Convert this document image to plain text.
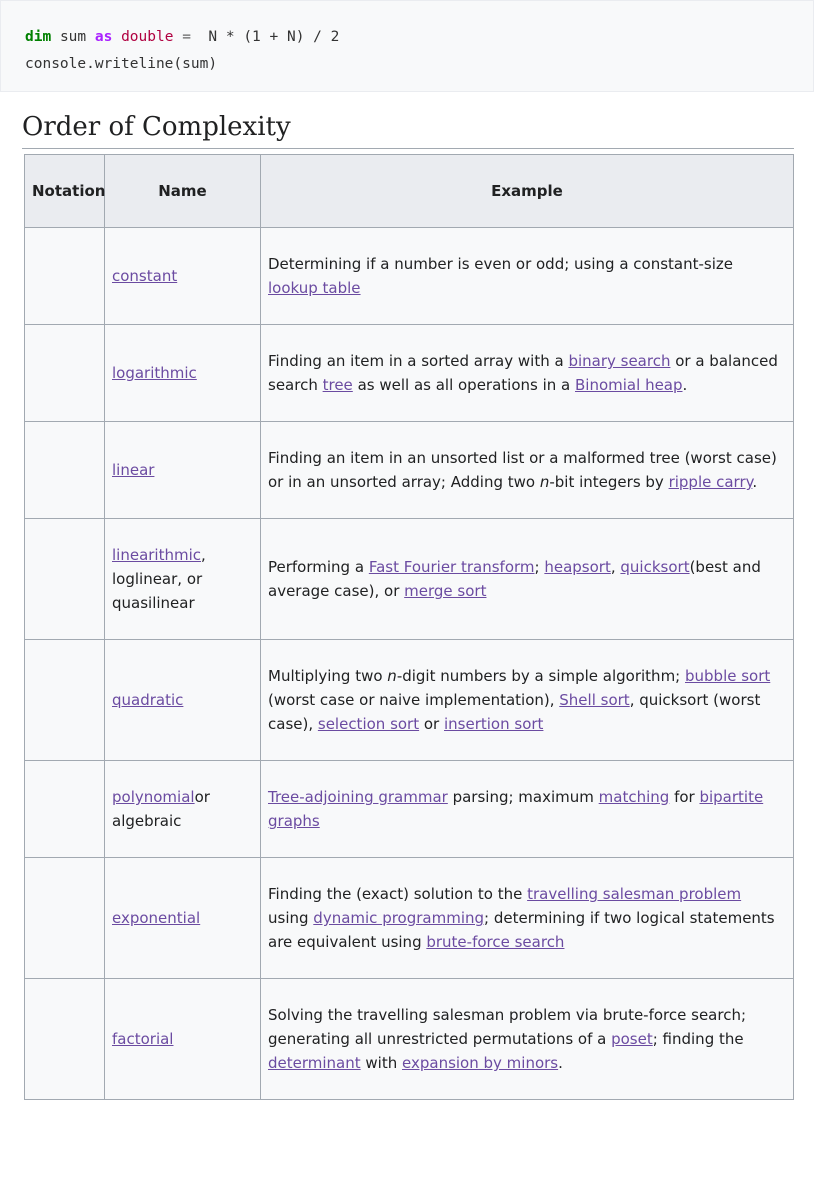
dim sum as double =  N * (1 + N) / 2
console.writeline(sum)
Order of Complexity
Notation	Name	Example
	constant	Determining if a number is even or odd; using a constant-size lookup table
	logarithmic	Finding an item in a sorted array with a binary search or a balanced search tree as well as all operations in a Binomial heap.
	linear	Finding an item in an unsorted list or a malformed tree (worst case) or in an unsorted array; Adding two n-bit integers by ripple carry.
	linearithmic, loglinear, or quasilinear	Performing a Fast Fourier transform; heapsort, quicksort(best and average case), or merge sort
	quadratic	Multiplying two n-digit numbers by a simple algorithm; bubble sort (worst case or naive implementation), Shell sort, quicksort (worst case), selection sort or insertion sort
	polynomialor algebraic	Tree-adjoining grammar parsing; maximum matching for bipartite graphs
	exponential	Finding the (exact) solution to the travelling salesman problem using dynamic programming; determining if two logical statements are equivalent using brute-force search
	factorial	Solving the travelling salesman problem via brute-force search; generating all unrestricted permutations of a poset; finding the determinant with expansion by minors.
